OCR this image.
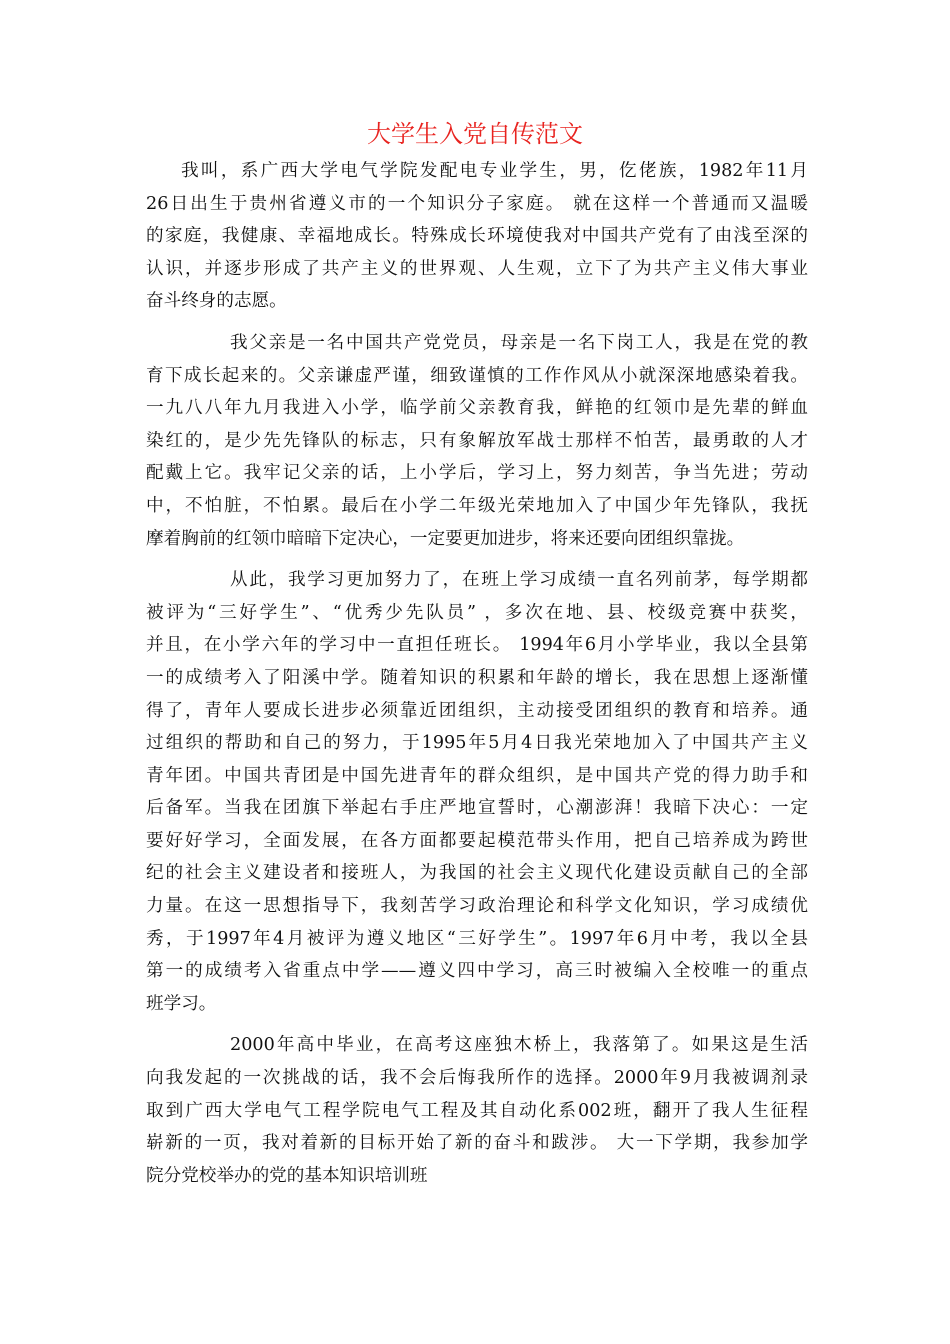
大学生入党自传范文
我叫，系广西大学电气学院发配电专业学生，男，仡佬族，1982年11月
26日出生于贵州省遵义市的一个知识分子家庭。 就在这样一个普通而又温暖
的家庭，我健康、幸福地成长。特殊成长环境使我对中国共产党有了由浅至深的
认识，并逐步形成了共产主义的世界观、人生观，立下了为共产主义伟大事业
奋斗终身的志愿。
我父亲是一名中国共产党党员，母亲是一名下岗工人，我是在党的教
育下成长起来的。父亲谦虚严谨，细致谨慎的工作作风从小就深深地感染着我。
一九八八年九月我进入小学，临学前父亲教育我，鲜艳的红领巾是先辈的鲜血
染红的，是少先先锋队的标志，只有象解放军战士那样不怕苦，最勇敢的人才
配戴上它。我牢记父亲的话，上小学后，学习上，努力刻苦，争当先进；劳动
中，不怕脏，不怕累。最后在小学二年级光荣地加入了中国少年先锋队，我抚
摩着胸前的红领巾暗暗下定决心，一定要更加进步，将来还要向团组织靠拢。
从此，我学习更加努力了，在班上学习成绩一直名列前茅，每学期都
被评为“三好学生”、“优秀少先队员” ，多次在地、县、校级竞赛中获奖，
并且，在小学六年的学习中一直担任班长。 1994年6月小学毕业，我以全县第
一的成绩考入了阳溪中学。随着知识的积累和年龄的增长，我在思想上逐渐懂
得了，青年人要成长进步必须靠近团组织，主动接受团组织的教育和培养。通
过组织的帮助和自己的努力，于1995年5月4日我光荣地加入了中国共产主义
青年团。中国共青团是中国先进青年的群众组织，是中国共产党的得力助手和
后备军。当我在团旗下举起右手庄严地宣誓时，心潮澎湃！我暗下决心：一定
要好好学习，全面发展，在各方面都要起模范带头作用，把自己培养成为跨世
纪的社会主义建设者和接班人，为我国的社会主义现代化建设贡献自己的全部
力量。在这一思想指导下，我刻苦学习政治理论和科学文化知识，学习成绩优
秀，于1997年4月被评为遵义地区“三好学生”。1997年6月中考，我以全县
第一的成绩考入省重点中学——遵义四中学习，高三时被编入全校唯一的重点
班学习。
2000年高中毕业，在高考这座独木桥上，我落第了。如果这是生活
向我发起的一次挑战的话，我不会后悔我所作的选择。2000年9月我被调剂录
取到广西大学电气工程学院电气工程及其自动化系002班，翻开了我人生征程
崭新的一页，我对着新的目标开始了新的奋斗和跋涉。 大一下学期，我参加学
院分党校举办的党的基本知识培训班
